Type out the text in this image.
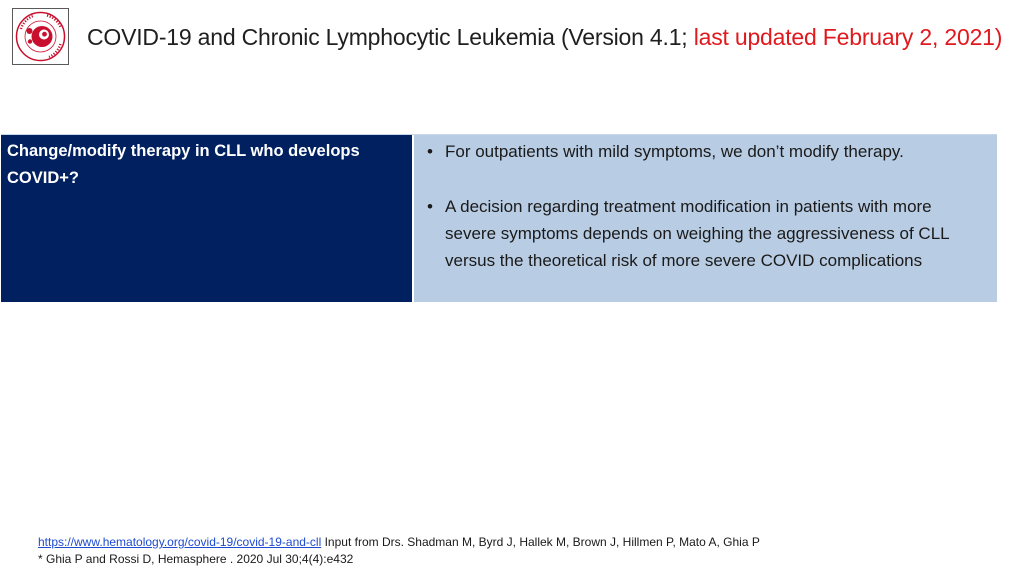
COVID-19 and Chronic Lymphocytic Leukemia (Version 4.1; last updated February 2, 2021)
Change/modify therapy in CLL who develops COVID+?
• For outpatients with mild symptoms, we don’t modify therapy.
• A decision regarding treatment modification in patients with more severe symptoms depends on weighing the aggressiveness of CLL versus the theoretical risk of more severe COVID complications
https://www.hematology.org/covid-19/covid-19-and-cll Input from Drs. Shadman M, Byrd J, Hallek M, Brown J, Hillmen P, Mato A, Ghia P
* Ghia P and Rossi D, Hemasphere . 2020 Jul 30;4(4):e432
